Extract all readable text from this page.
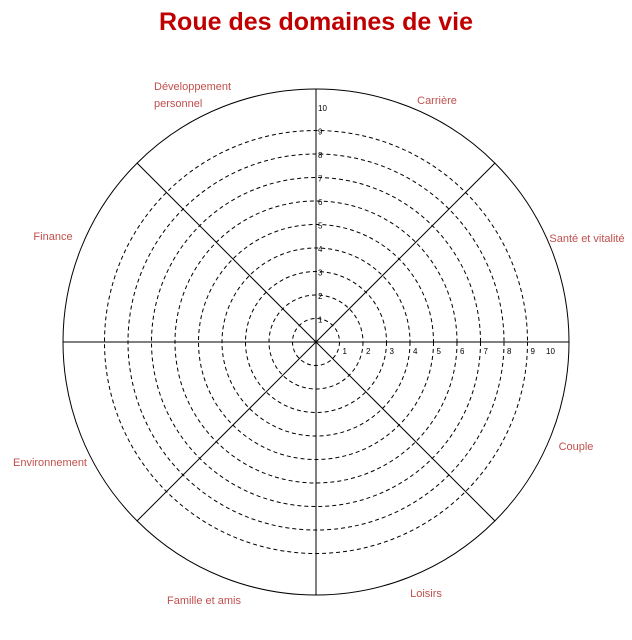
Roue des domaines de vie
1
1
2
2
3
3
4
4
5
5
6
6
7
7
8
8
9
9
10
10
Carrière
Santé et vitalité
Couple
Loisirs
Famille et amis
Environnement
Finance
Développement personnel
